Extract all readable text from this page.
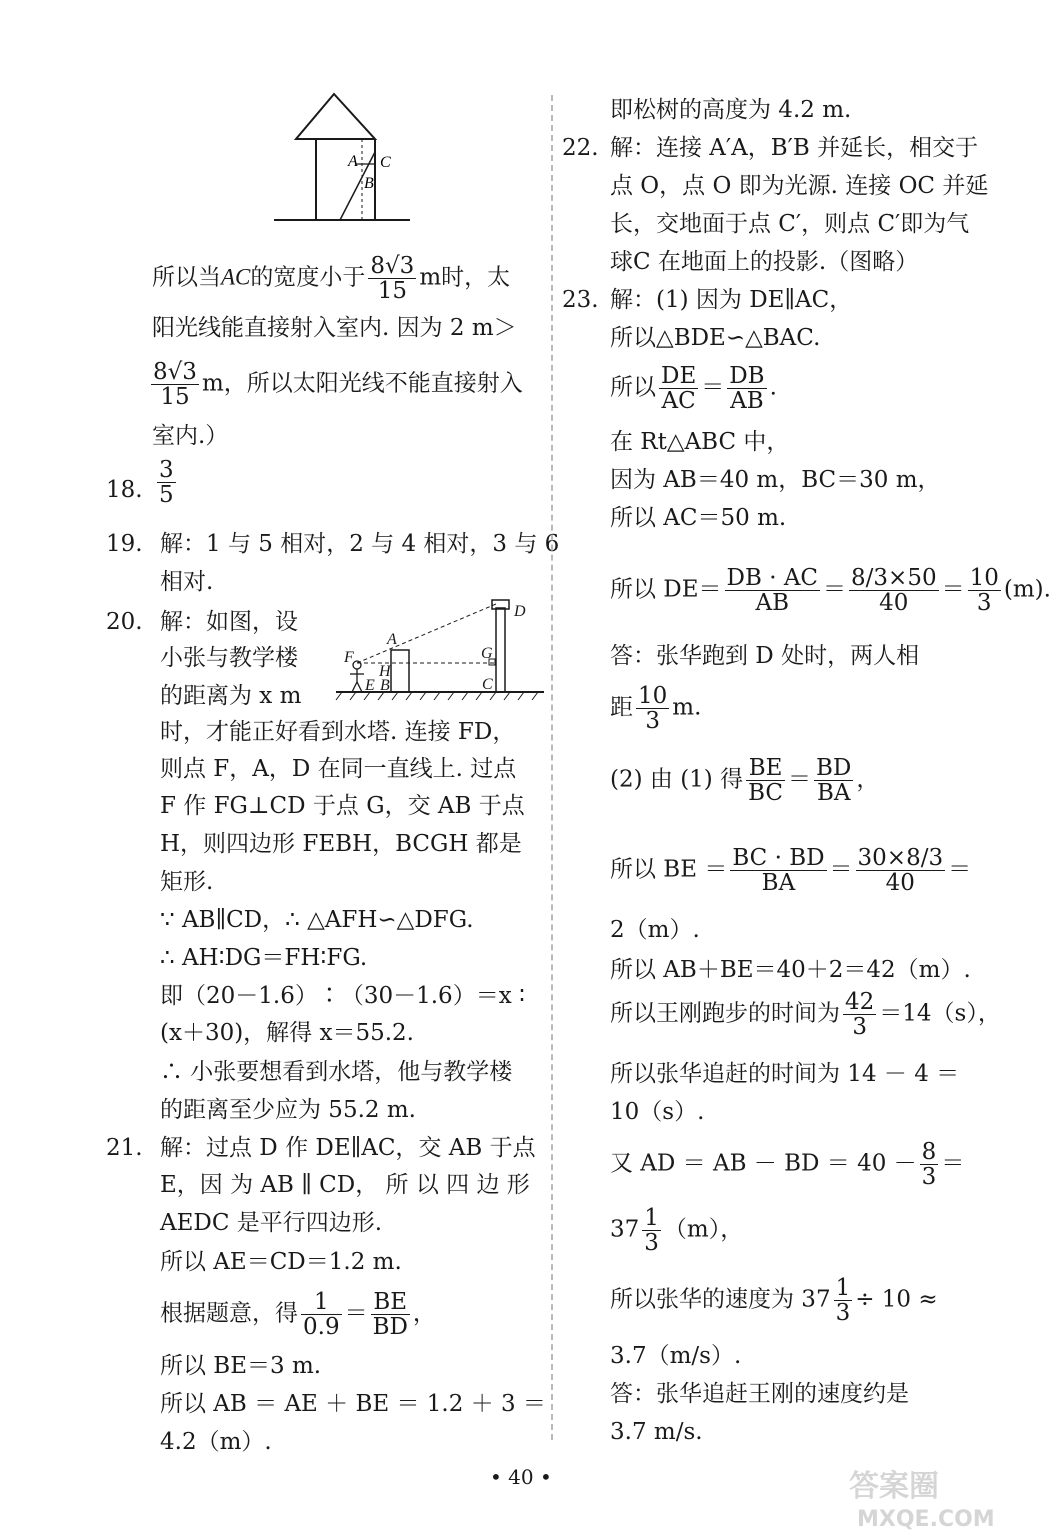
A C
B
所以当AC的宽度小于 $\frac{8√3}{15}$ m时，太
阳光线能直接射入室内. 因为 2 m＞
$\frac{8√3}{15}$ m，所以太阳光线不能直接射入
室内.）
18. $\frac{3}{5}$
19. 解：1 与 5 相对，2 与 4 相对，3 与 6
相对.
20. 解：如图，设
小张与教学楼
的距离为 x m
D
A
F
H
G
E B	C
时，才能正好看到水塔. 连接 FD，
则点 F，A，D 在同一直线上. 过点
F 作 FG⊥CD 于点 G，交 AB 于点
H，则四边形 FEBH，BCGH 都是
矩形.
∵ AB∥CD，∴ △AFH∽△DFG.
∴ AH∶DG＝FH∶FG.
即（20－1.6）∶（30－1.6）＝x ∶
(x＋30)，解得 x＝55.2.
∴ 小张要想看到水塔，他与教学楼
的距离至少应为 55.2 m.
21. 解：过点 D 作 DE∥AC，交 AB 于点
E，因 为 AB ∥ CD， 所 以 四 边 形
AEDC 是平行四边形.
所以 AE＝CD＝1.2 m.
根据题意，得 $\frac{1}{0.9} = \frac{BE}{BD}$ ，
所以 BE＝3 m.
所以 AB ＝ AE ＋ BE ＝ 1.2 ＋ 3 ＝
4.2（m）.
即松树的高度为 4.2 m.
22. 解：连接 A′A，B′B 并延长，相交于
点 O，点 O 即为光源. 连接 OC 并延
长，交地面于点 C′，则点 C′即为气
球C 在地面上的投影.（图略）
23. 解：(1) 因为 DE∥AC，
所以△BDE∽△BAC.
所以 $\frac{DE}{AC} = \frac{DB}{AB}$ .
在 Rt△ABC 中，
因为 AB＝40 m，BC＝30 m，
所以 AC＝50 m.
所以 $DE= \frac{DB \cdot AC}{AB} = \frac{8/3\times 50}{40} = \frac{10}{3} (m)$.
答：张华跑到 D 处时，两人相
距 $\frac{10}{3} m$.
(2) 由 (1) 得 $\frac{BE}{BC} = \frac{BD}{BA}$ ，
所以 BE ＝ $\frac{BC \cdot BD}{BA} = \frac{30\times 8/3}{40}$ ＝
2（m）.
所以 AB＋BE＝40＋2＝42（m）.
所以王刚跑步的时间为 $\frac{42}{3} =14(s)$，
所以张华追赶的时间为 14 － 4 ＝
10（s）.
又 AD ＝ AB － BD ＝ $40 - \frac{8}{3}$ ＝
$37 \frac{1}{3} (m)$，
所以张华的速度为 $37 \frac{1}{3} \div 10$ ≈
3.7（m/s）.
答：张华追赶王刚的速度约是
3.7 m/s.
• 40 •	答案圈
MXQE.COM
